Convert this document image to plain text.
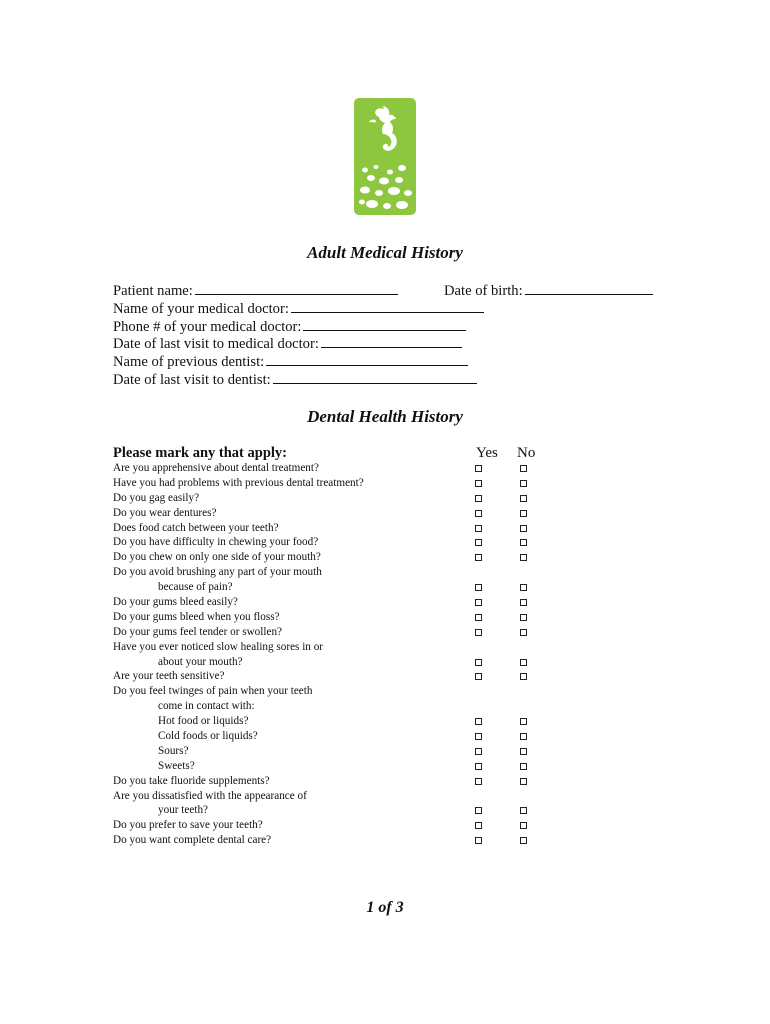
Adult Medical History
Patient name:	Date of birth:
Name of your medical doctor:
Phone # of your medical doctor:
Date of last visit to medical doctor:
Name of previous dentist:
Date of last visit to dentist:
Dental Health History
Please mark any that apply:	Yes No
Are you apprehensive about dental treatment?
Have you had problems with previous dental treatment?
Do you gag easily?
Do you wear dentures?
Does food catch between your teeth?
Do you have difficulty in chewing your food?
Do you chew on only one side of your mouth?
Do you avoid brushing any part of your mouth
because of pain?
Do your gums bleed easily?
Do your gums bleed when you floss?
Do your gums feel tender or swollen?
Have you ever noticed slow healing sores in or
about your mouth?
Are your teeth sensitive?
Do you feel twinges of pain when your teeth
come in contact with:
Hot food or liquids?
Cold foods or liquids?
Sours?
Sweets?
Do you take fluoride supplements?
Are you dissatisfied with the appearance of
your teeth?
Do you prefer to save your teeth?
Do you want complete dental care?
1 of 3
